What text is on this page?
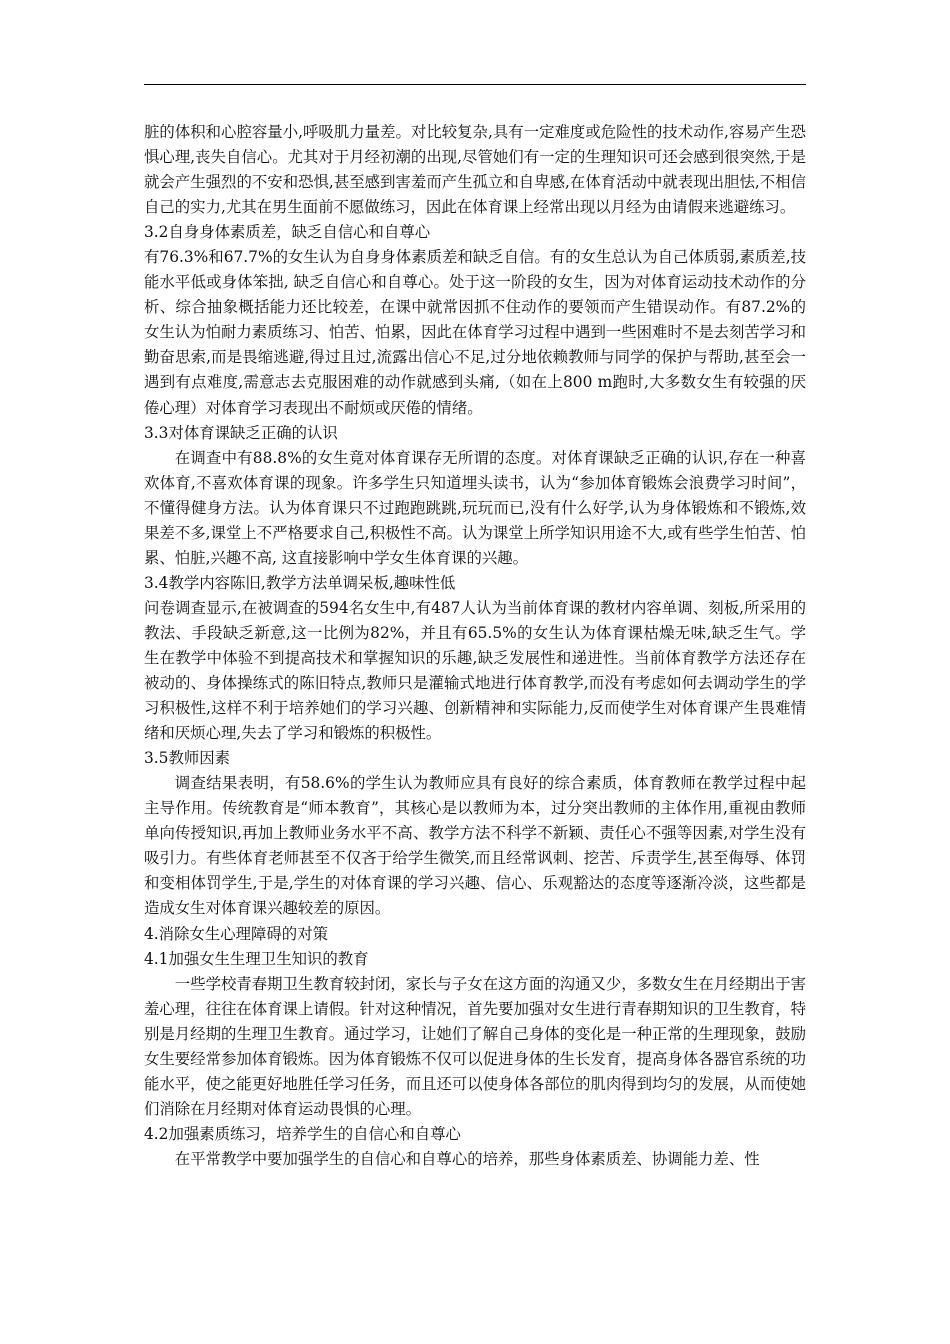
脏的体积和心腔容量小,呼吸肌力量差。对比较复杂,具有一定难度或危险性的技术动作,容易产生恐惧心理,丧失自信心。尤其对于月经初潮的出现,尽管她们有一定的生理知识可还会感到很突然,于是就会产生强烈的不安和恐惧,甚至感到害羞而产生孤立和自卑感,在体育活动中就表现出胆怯,不相信自己的实力,尤其在男生面前不愿做练习，因此在体育课上经常出现以月经为由请假来逃避练习。

3.2自身身体素质差，缺乏自信心和自尊心

有76.3%和67.7%的女生认为自身身体素质差和缺乏自信。有的女生总认为自己体质弱,素质差,技能水平低或身体笨拙, 缺乏自信心和自尊心。处于这一阶段的女生，因为对体育运动技术动作的分析、综合抽象概括能力还比较差，在课中就常因抓不住动作的要领而产生错误动作。有87.2%的女生认为怕耐力素质练习、怕苦、怕累，因此在体育学习过程中遇到一些困难时不是去刻苦学习和勤奋思索,而是畏缩逃避,得过且过,流露出信心不足,过分地依赖教师与同学的保护与帮助,甚至会一遇到有点难度,需意志去克服困难的动作就感到头痛,（如在上800 m跑时,大多数女生有较强的厌倦心理）对体育学习表现出不耐烦或厌倦的情绪。

3.3对体育课缺乏正确的认识

在调查中有88.8%的女生竟对体育课存无所谓的态度。对体育课缺乏正确的认识,存在一种喜欢体育,不喜欢体育课的现象。许多学生只知道埋头读书，认为“参加体育锻炼会浪费学习时间”，不懂得健身方法。认为体育课只不过跑跑跳跳,玩玩而已,没有什么好学,认为身体锻炼和不锻炼,效果差不多,课堂上不严格要求自己,积极性不高。认为课堂上所学知识用途不大,或有些学生怕苦、怕累、怕脏,兴趣不高, 这直接影响中学女生体育课的兴趣。

3.4教学内容陈旧,教学方法单调呆板,趣味性低

问卷调查显示,在被调查的594名女生中,有487人认为当前体育课的教材内容单调、刻板,所采用的教法、手段缺乏新意,这一比例为82%，并且有65.5%的女生认为体育课枯燥无味,缺乏生气。学生在教学中体验不到提高技术和掌握知识的乐趣,缺乏发展性和递进性。当前体育教学方法还存在被动的、身体操练式的陈旧特点,教师只是灌输式地进行体育教学,而没有考虑如何去调动学生的学习积极性,这样不利于培养她们的学习兴趣、创新精神和实际能力,反而使学生对体育课产生畏难情绪和厌烦心理,失去了学习和锻炼的积极性。

3.5教师因素

调查结果表明，有58.6%的学生认为教师应具有良好的综合素质，体育教师在教学过程中起主导作用。传统教育是“师本教育”，其核心是以教师为本，过分突出教师的主体作用,重视由教师单向传授知识,再加上教师业务水平不高、教学方法不科学不新颖、责任心不强等因素,对学生没有吸引力。有些体育老师甚至不仅吝于给学生微笑,而且经常讽刺、挖苦、斥责学生,甚至侮辱、体罚和变相体罚学生,于是,学生的对体育课的学习兴趣、信心、乐观豁达的态度等逐渐冷淡，这些都是造成女生对体育课兴趣较差的原因。

4.消除女生心理障碍的对策

4.1加强女生生理卫生知识的教育

一些学校青春期卫生教育较封闭，家长与子女在这方面的沟通又少，多数女生在月经期出于害羞心理，往往在体育课上请假。针对这种情况，首先要加强对女生进行青春期知识的卫生教育，特别是月经期的生理卫生教育。通过学习，让她们了解自己身体的变化是一种正常的生理现象，鼓励女生要经常参加体育锻炼。因为体育锻炼不仅可以促进身体的生长发育，提高身体各器官系统的功能水平，使之能更好地胜任学习任务，而且还可以使身体各部位的肌肉得到均匀的发展，从而使她们消除在月经期对体育运动畏惧的心理。

4.2加强素质练习，培养学生的自信心和自尊心

在平常教学中要加强学生的自信心和自尊心的培养，那些身体素质差、协调能力差、性
